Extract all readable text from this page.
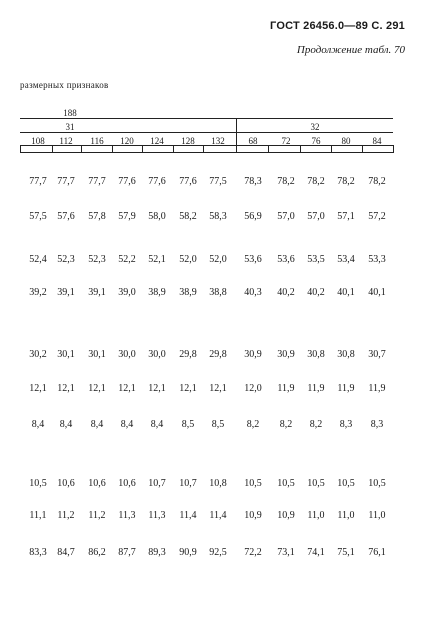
ГОСТ 26456.0—89 С. 291
Продолжение табл. 70
размерных признаков
188
31	32
108 112 116 120 124 128 132	68	72 76 80 84
77,7 77,7 77,7 77,6 77,6 77,6 77,5 78,3 78,2 78,2 78,2 78,2
57,5 57,6 57,8 57,9 58,0 58,2 58,3 56,9 57,0 57,0 57,1 57,2
52,4 52,3 52,3 52,2 52,1 52,0 52,0 53,6 53,6 53,5 53,4 53,3
39,2 39,1 39,1 39,0 38,9 38,9 38,8 40,3 40,2 40,2 40,1 40,1
30,2 30,1 30,1 30,0 30,0 29,8 29,8 30,9 30,9 30,8 30,8 30,7
12,1 12,1 12,1 12,1 12,1 12,1 12,1 12,0 11,9 11,9 11,9 11,9
8,4 8,4 8,4 8,4 8,4 8,5 8,5 8,2 8,2 8,2 8,3 8,3
10,5 10,6 10,6 10,6 10,7 10,7 10,8 10,5 10,5 10,5 10,5 10,5
11,1 11,2 11,2 11,3 11,3 11,4 11,4 10,9 10,9 11,0 11,0 11,0
83,3 84,7 86,2 87,7 89,3 90,9 92,5 72,2 73,1 74,1 75,1 76,1
